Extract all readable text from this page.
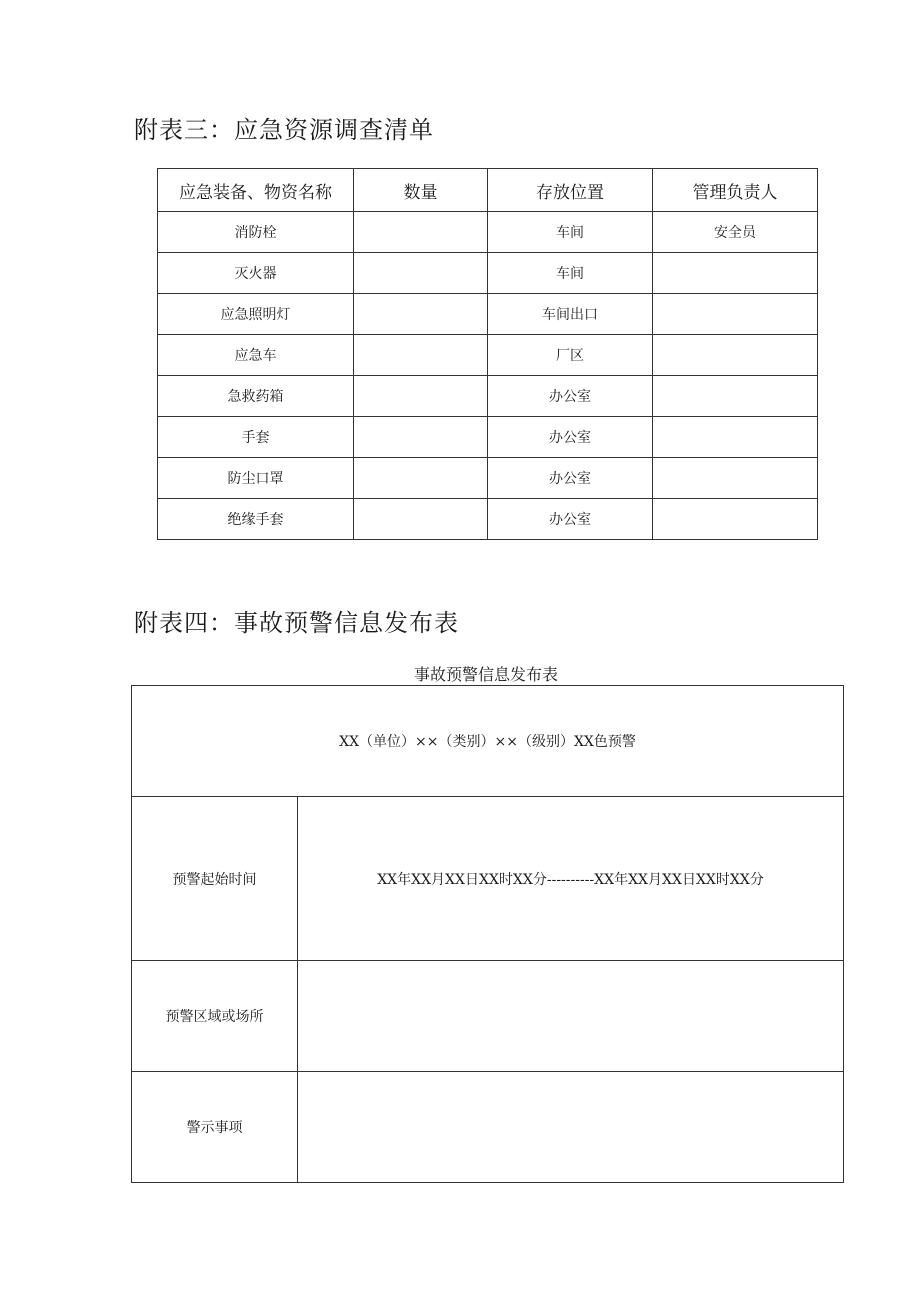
附表三：应急资源调查清单
应急装备、物资名称	数量	存放位置	管理负责人
消防栓		车间	安全员
灭火器		车间	
应急照明灯		车间出口	
应急车		厂区	
急救药箱		办公室	
手套		办公室	
防尘口罩		办公室	
绝缘手套		办公室	
附表四：事故预警信息发布表
事故预警信息发布表
XX（单位）××（类别）××（级别）XX色预警	
预警起始时间	XX年XX月XX日XX时XX分----------XX年XX月XX日XX时XX分
预警区域或场所	
警示事项	
